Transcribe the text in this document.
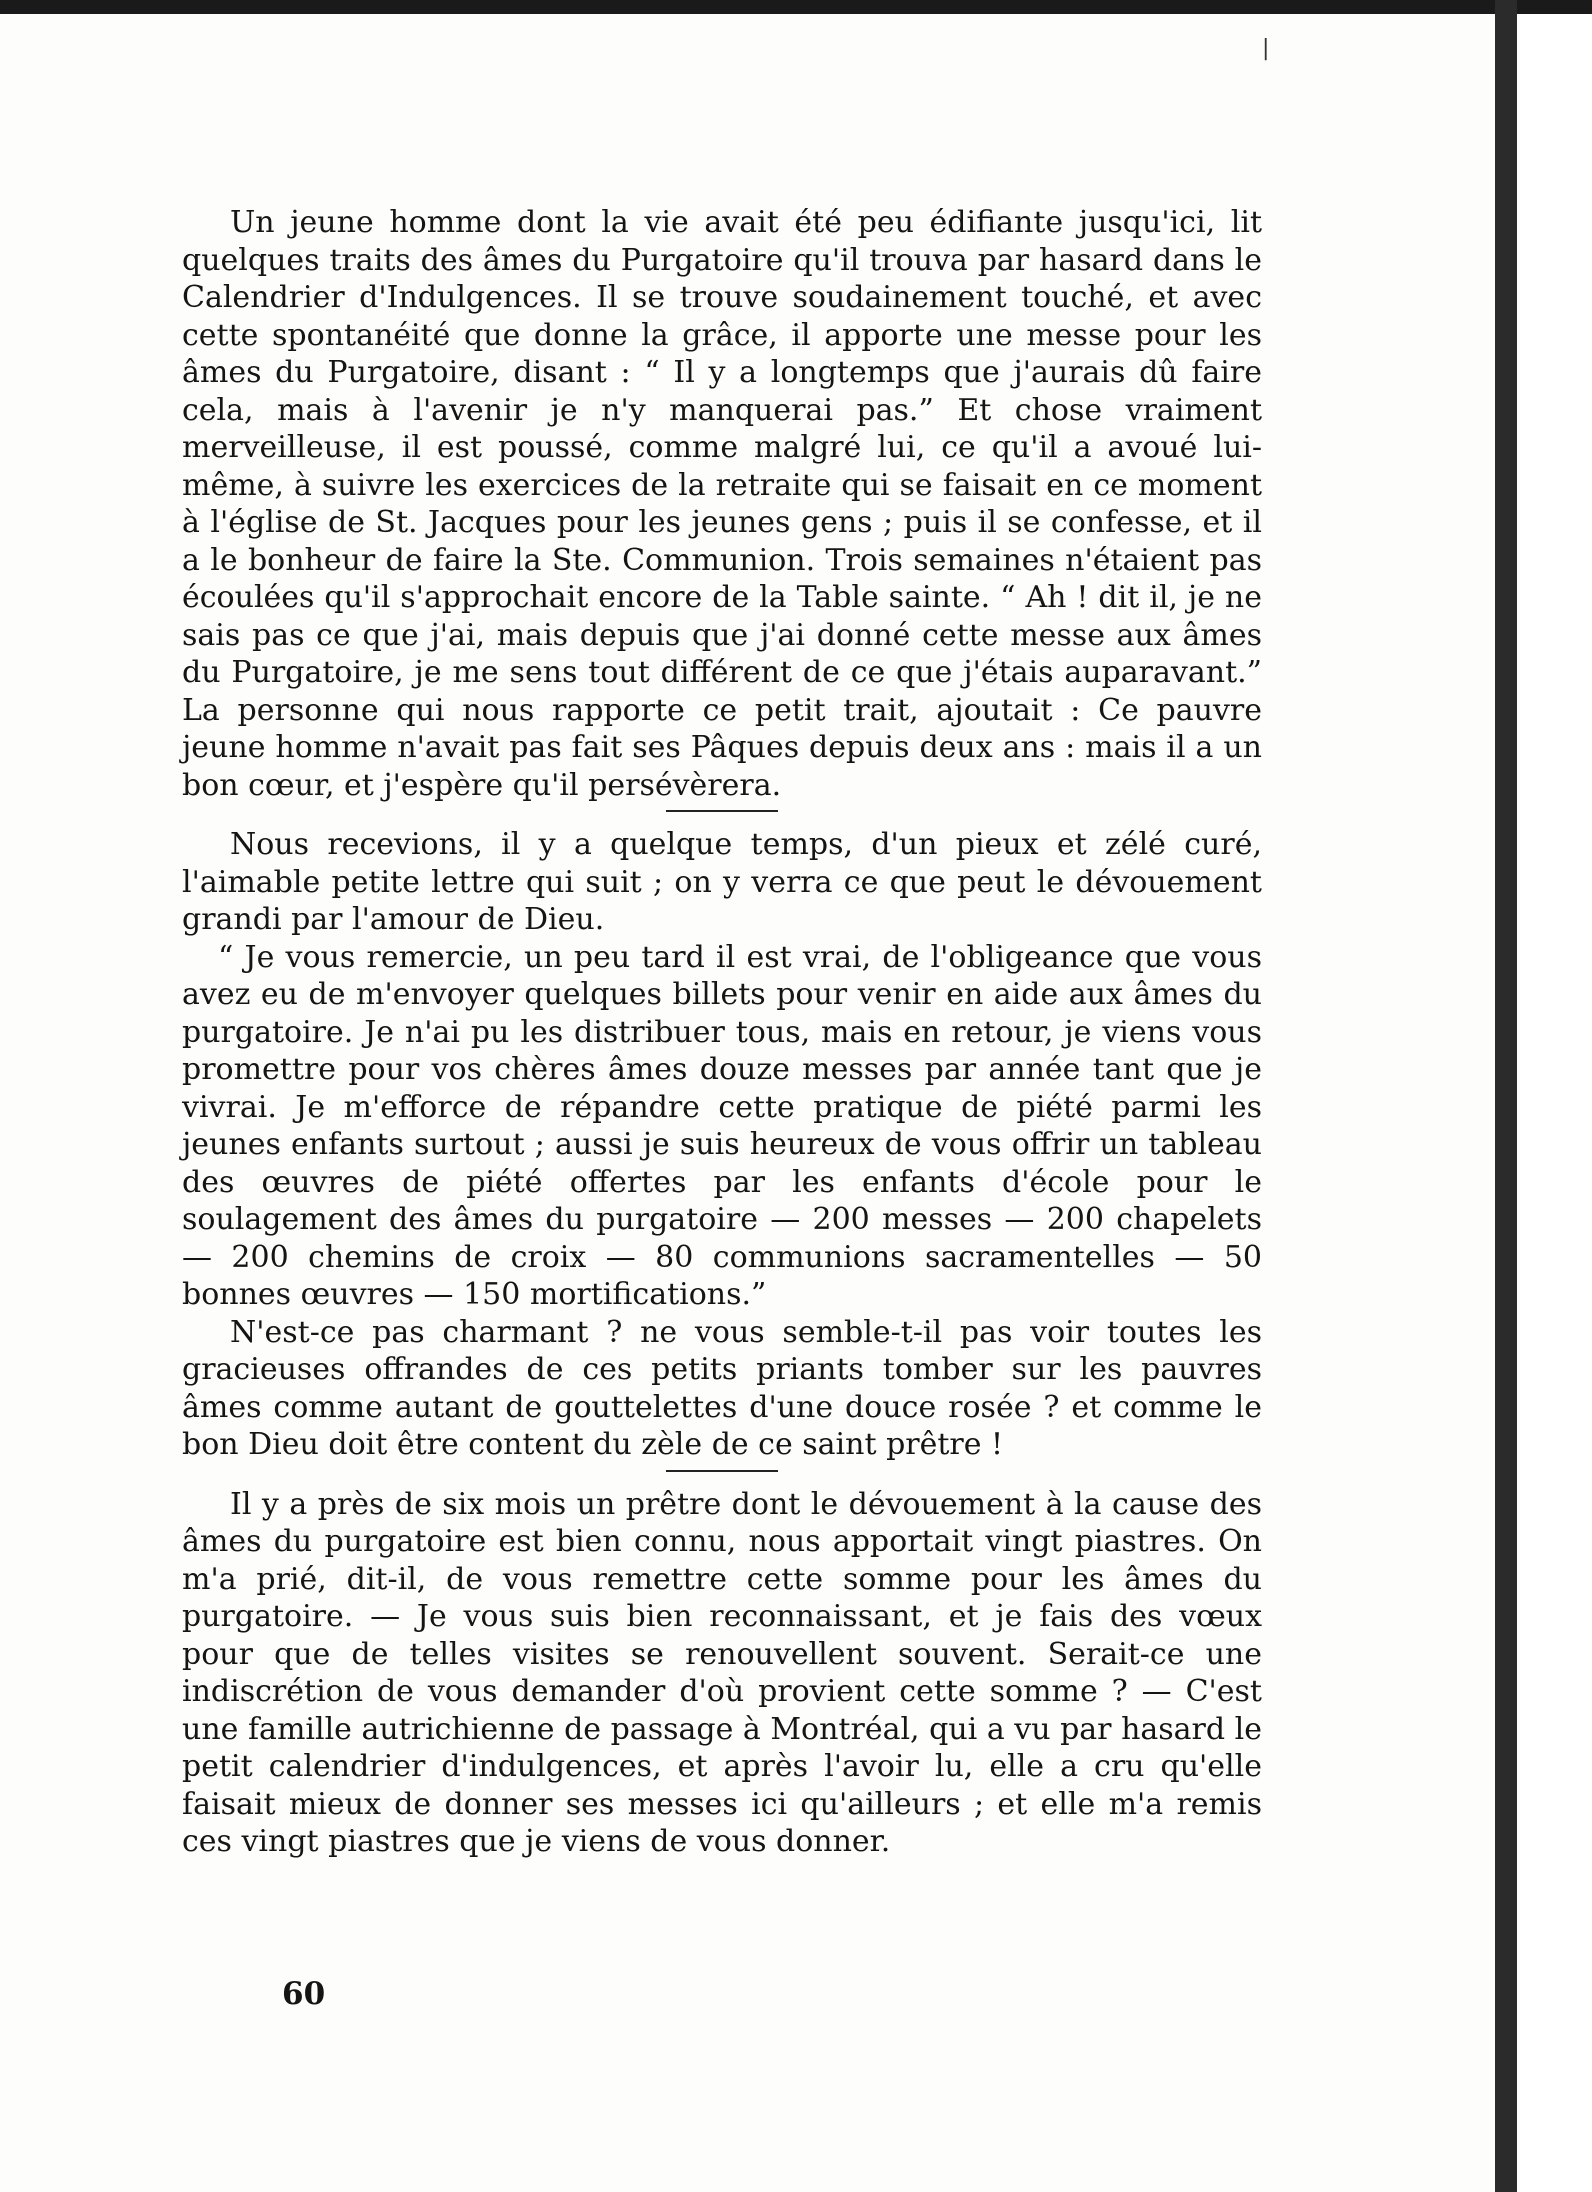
Un jeune homme dont la vie avait été peu édifiante jusqu'ici, lit quelques traits des âmes du Purgatoire qu'il trouva par hasard dans le Calendrier d'Indulgences. Il se trouve soudainement touché, et avec cette spontanéité que donne la grâce, il apporte une messe pour les âmes du Purgatoire, disant : “ Il y a longtemps que j'aurais dû faire cela, mais à l'avenir je n'y manquerai pas.” Et chose vraiment merveilleuse, il est poussé, comme malgré lui, ce qu'il a avoué lui-même, à suivre les exercices de la retraite qui se faisait en ce moment à l'église de St. Jacques pour les jeunes gens ; puis il se confesse, et il a le bonheur de faire la Ste. Communion. Trois semaines n'étaient pas écoulées qu'il s'approchait encore de la Table sainte. “ Ah ! dit il, je ne sais pas ce que j'ai, mais depuis que j'ai donné cette messe aux âmes du Purgatoire, je me sens tout différent de ce que j'étais auparavant.” La personne qui nous rapporte ce petit trait, ajoutait : Ce pauvre jeune homme n'avait pas fait ses Pâques depuis deux ans : mais il a un bon cœur, et j'espère qu'il persévèrera.

Nous recevions, il y a quelque temps, d'un pieux et zélé curé, l'aimable petite lettre qui suit ; on y verra ce que peut le dévouement grandi par l'amour de Dieu.

“ Je vous remercie, un peu tard il est vrai, de l'obligeance que vous avez eu de m'envoyer quelques billets pour venir en aide aux âmes du purgatoire. Je n'ai pu les distribuer tous, mais en retour, je viens vous promettre pour vos chères âmes douze messes par année tant que je vivrai. Je m'efforce de répandre cette pratique de piété parmi les jeunes enfants surtout ; aussi je suis heureux de vous offrir un tableau des œuvres de piété offertes par les enfants d'école pour le soulagement des âmes du purgatoire — 200 messes — 200 chapelets — 200 chemins de croix — 80 communions sacramentelles — 50 bonnes œuvres — 150 mortifications.”

N'est-ce pas charmant ? ne vous semble-t-il pas voir toutes les gracieuses offrandes de ces petits priants tomber sur les pauvres âmes comme autant de gouttelettes d'une douce rosée ? et comme le bon Dieu doit être content du zèle de ce saint prêtre !

Il y a près de six mois un prêtre dont le dévouement à la cause des âmes du purgatoire est bien connu, nous apportait vingt piastres. On m'a prié, dit-il, de vous remettre cette somme pour les âmes du purgatoire. — Je vous suis bien reconnaissant, et je fais des vœux pour que de telles visites se renouvellent souvent. Serait-ce une indiscrétion de vous demander d'où provient cette somme ? — C'est une famille autrichienne de passage à Montréal, qui a vu par hasard le petit calendrier d'indulgences, et après l'avoir lu, elle a cru qu'elle faisait mieux de donner ses messes ici qu'ailleurs ; et elle m'a remis ces vingt piastres que je viens de vous donner.

60
|
